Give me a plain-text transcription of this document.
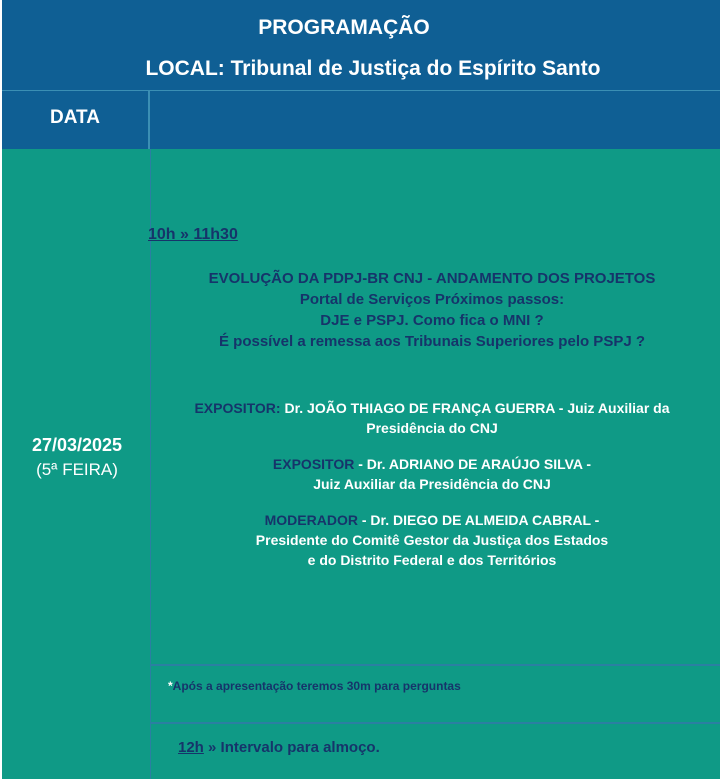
PROGRAMAÇÃO
LOCAL: Tribunal de Justiça do Espírito Santo
DATA
27/03/2025
(5ª FEIRA)
10h » 11h30
EVOLUÇÃO DA PDPJ-BR CNJ - ANDAMENTO DOS PROJETOS
Portal de Serviços Próximos passos:
DJE e PSPJ. Como fica o MNI ?
É possível a remessa aos Tribunais Superiores pelo PSPJ ?
EXPOSITOR: Dr. JOÃO THIAGO DE FRANÇA GUERRA - Juiz Auxiliar da
Presidência do CNJ
EXPOSITOR - Dr. ADRIANO DE ARAÚJO SILVA -
Juiz Auxiliar da Presidência do CNJ
MODERADOR - Dr. DIEGO DE ALMEIDA CABRAL -
Presidente do Comitê Gestor da Justiça dos Estados
e do Distrito Federal e dos Territórios
*Após a apresentação teremos 30m para perguntas
12h » Intervalo para almoço.
